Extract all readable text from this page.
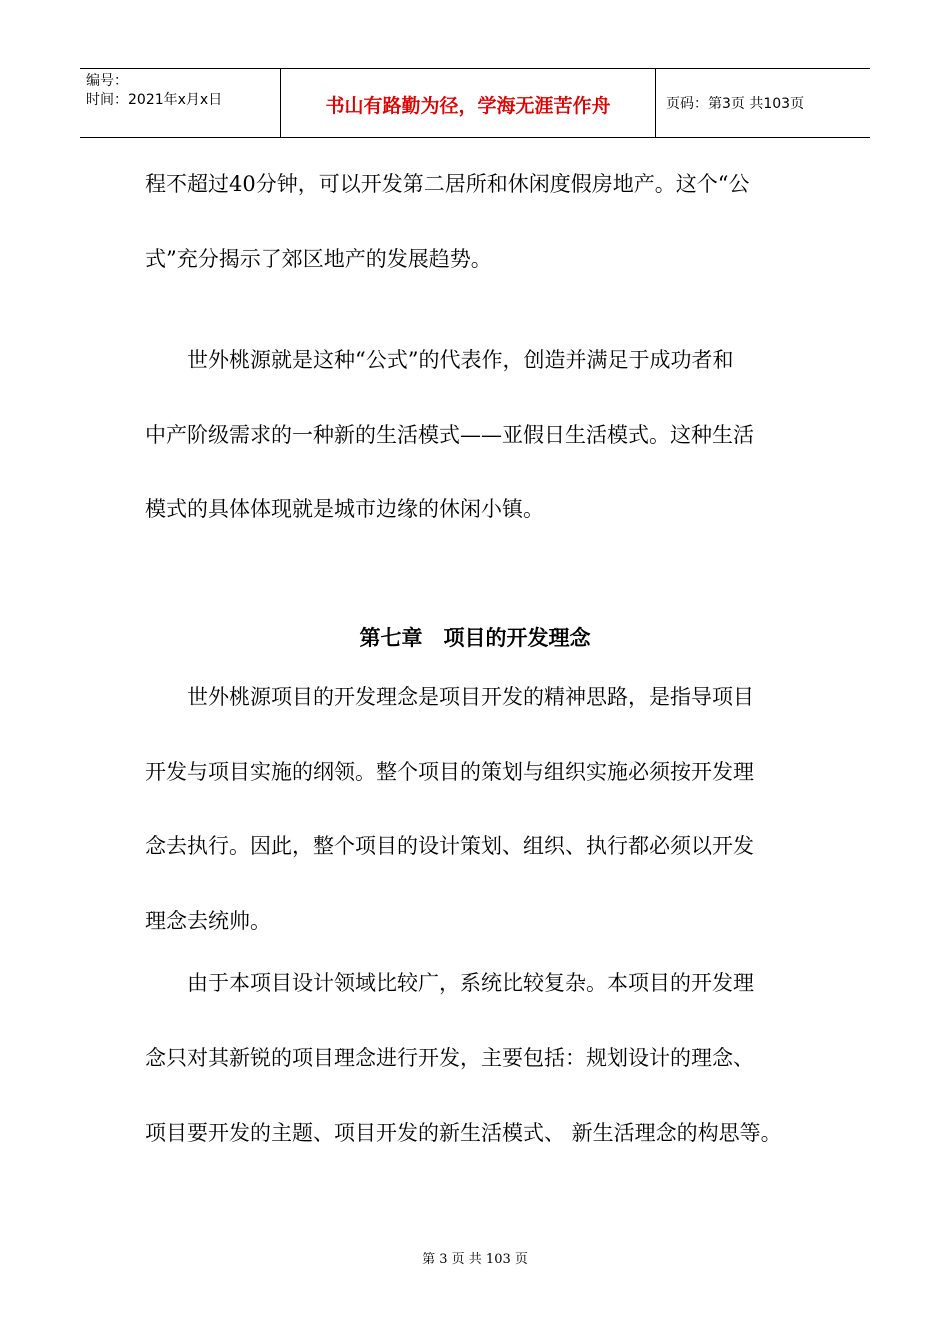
编号：
时间：2021年x月x日	书山有路勤为径，学海无涯苦作舟	页码：第3页 共103页
程不超过40分钟，可以开发第二居所和休闲度假房地产。这个“公
式”充分揭示了郊区地产的发展趋势。
　　世外桃源就是这种“公式”的代表作，创造并满足于成功者和
中产阶级需求的一种新的生活模式——亚假日生活模式。这种生活
模式的具体体现就是城市边缘的休闲小镇。
第七章　项目的开发理念
　　世外桃源项目的开发理念是项目开发的精神思路，是指导项目
开发与项目实施的纲领。整个项目的策划与组织实施必须按开发理
念去执行。因此，整个项目的设计策划、组织、执行都必须以开发
理念去统帅。
　　由于本项目设计领域比较广，系统比较复杂。本项目的开发理
念只对其新锐的项目理念进行开发，主要包括：规划设计的理念、
项目要开发的主题、项目开发的新生活模式、 新生活理念的构思等。
第 3 页 共 103 页
